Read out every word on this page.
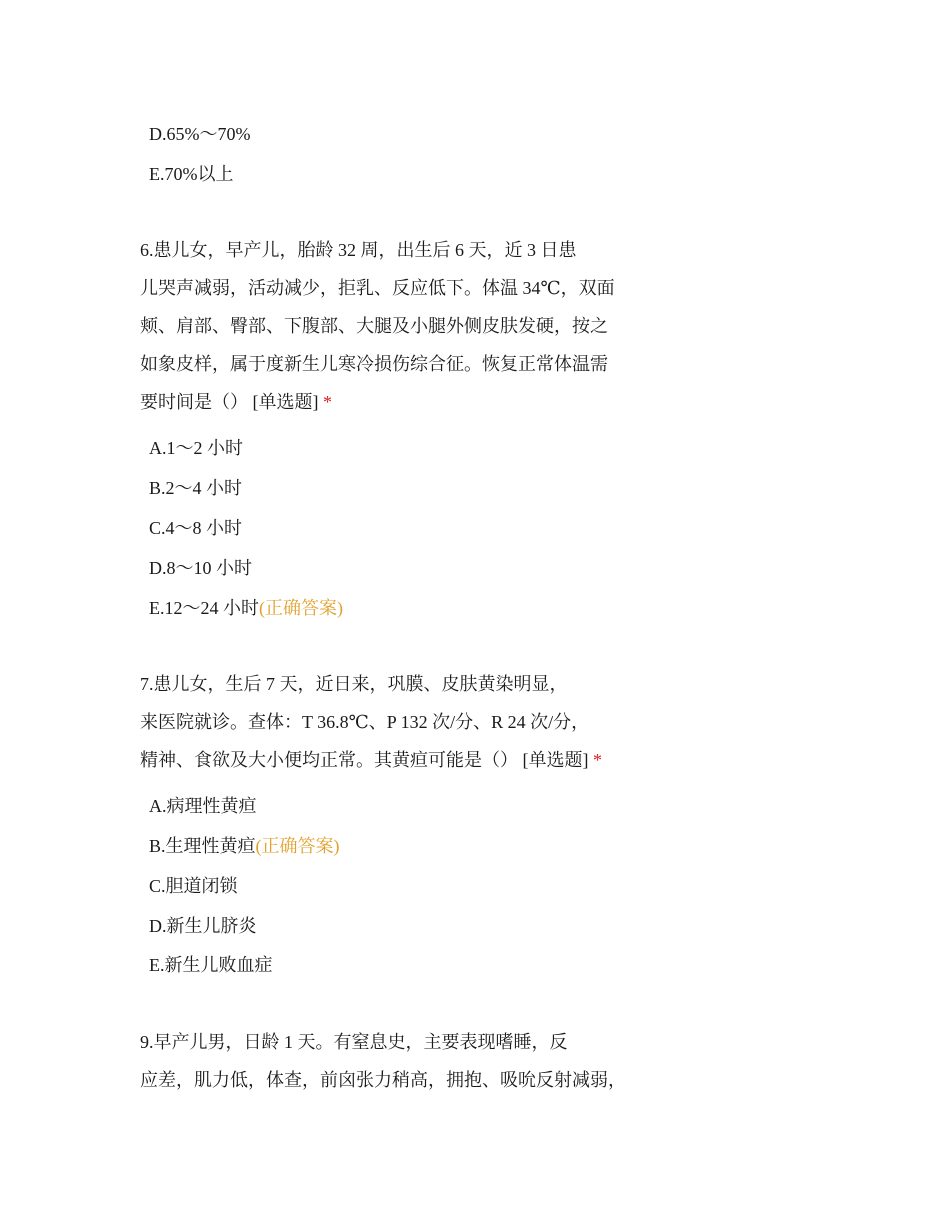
D.65%～70%
E.70%以上
6.患儿女，早产儿，胎龄 32 周，出生后 6 天，近 3 日患
儿哭声减弱，活动减少，拒乳、反应低下。体温 34℃，双面
颊、肩部、臀部、下腹部、大腿及小腿外侧皮肤发硬，按之
如象皮样，属于度新生儿寒冷损伤综合征。恢复正常体温需
要时间是（） [单选题] *
A.1～2 小时
B.2～4 小时
C.4～8 小时
D.8～10 小时
E.12～24 小时(正确答案)
7.患儿女，生后 7 天，近日来，巩膜、皮肤黄染明显，
来医院就诊。查体：T 36.8℃、P 132 次/分、R 24 次/分，
精神、食欲及大小便均正常。其黄疸可能是（） [单选题] *
A.病理性黄疸
B.生理性黄疸(正确答案)
C.胆道闭锁
D.新生儿脐炎
E.新生儿败血症
9.早产儿男，日龄 1 天。有窒息史，主要表现嗜睡，反
应差，肌力低，体查，前囟张力稍高，拥抱、吸吮反射减弱，
